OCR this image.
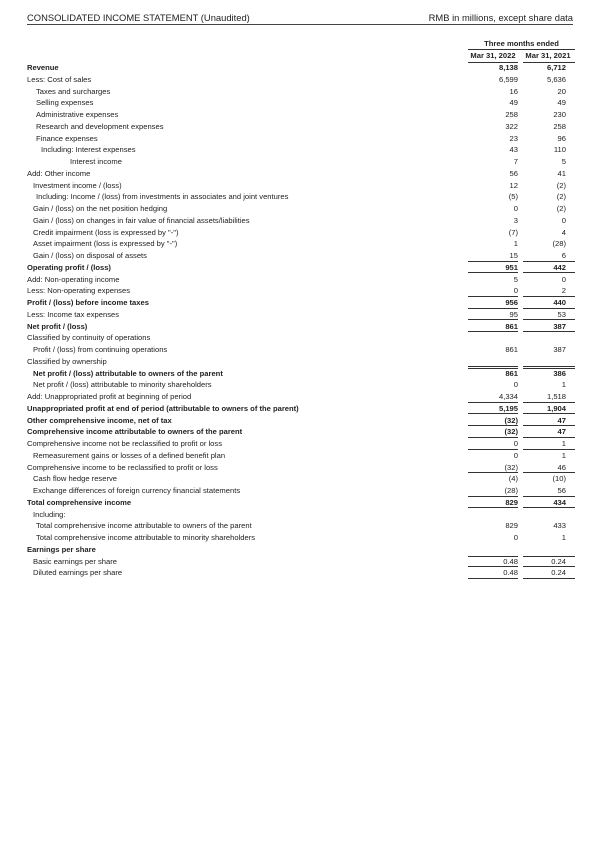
CONSOLIDATED INCOME STATEMENT (Unaudited)	RMB in millions, except share data
Three months ended
Mar 31, 2022	Mar 31, 2021
Revenue	8,138	6,712
Less: Cost of sales	6,599	5,636
Taxes and surcharges	16	20
Selling expenses	49	49
Administrative expenses	258	230
Research and development expenses	322	258
Finance expenses	23	96
Including: Interest expenses	43	110
Interest income	7	5
Add: Other income	56	41
Investment income / (loss)	12	(2)
Including: Income / (loss) from investments in associates and joint ventures	(5)	(2)
Gain / (loss) on the net position hedging	0	(2)
Gain / (loss) on changes in fair value of financial assets/liabilities	3	0
Credit impairment (loss is expressed by "-")	(7)	4
Asset impairment (loss is expressed by "-")	1	(28)
Gain / (loss) on disposal of assets	15	6
Operating profit / (loss)	951	442
Add: Non-operating income	5	0
Less: Non-operating expenses	0	2
Profit / (loss) before income taxes	956	440
Less: Income tax expenses	95	53
Net profit / (loss)	861	387
Classified by continuity of operations
Profit / (loss) from continuing operations	861	387
Classified by ownership
Net profit / (loss) attributable to owners of the parent	861	386
Net profit / (loss) attributable to minority shareholders	0	1
Add: Unappropriated profit at beginning of period	4,334	1,518
Unappropriated profit at end of period (attributable to owners of the parent)	5,195	1,904
Other comprehensive income, net of tax	(32)	47
Comprehensive income attributable to owners of the parent	(32)	47
Comprehensive income not be reclassified to profit or loss	0	1
Remeasurement gains or losses of a defined benefit plan	0	1
Comprehensive income to be reclassified to profit or loss	(32)	46
Cash flow hedge reserve	(4)	(10)
Exchange differences of foreign currency financial statements	(28)	56
Total comprehensive income	829	434
Including:
Total comprehensive income attributable to owners of the parent	829	433
Total comprehensive income attributable to minority shareholders	0	1
Earnings per share
Basic earnings per share	0.48	0.24
Diluted earnings per share	0.48	0.24
